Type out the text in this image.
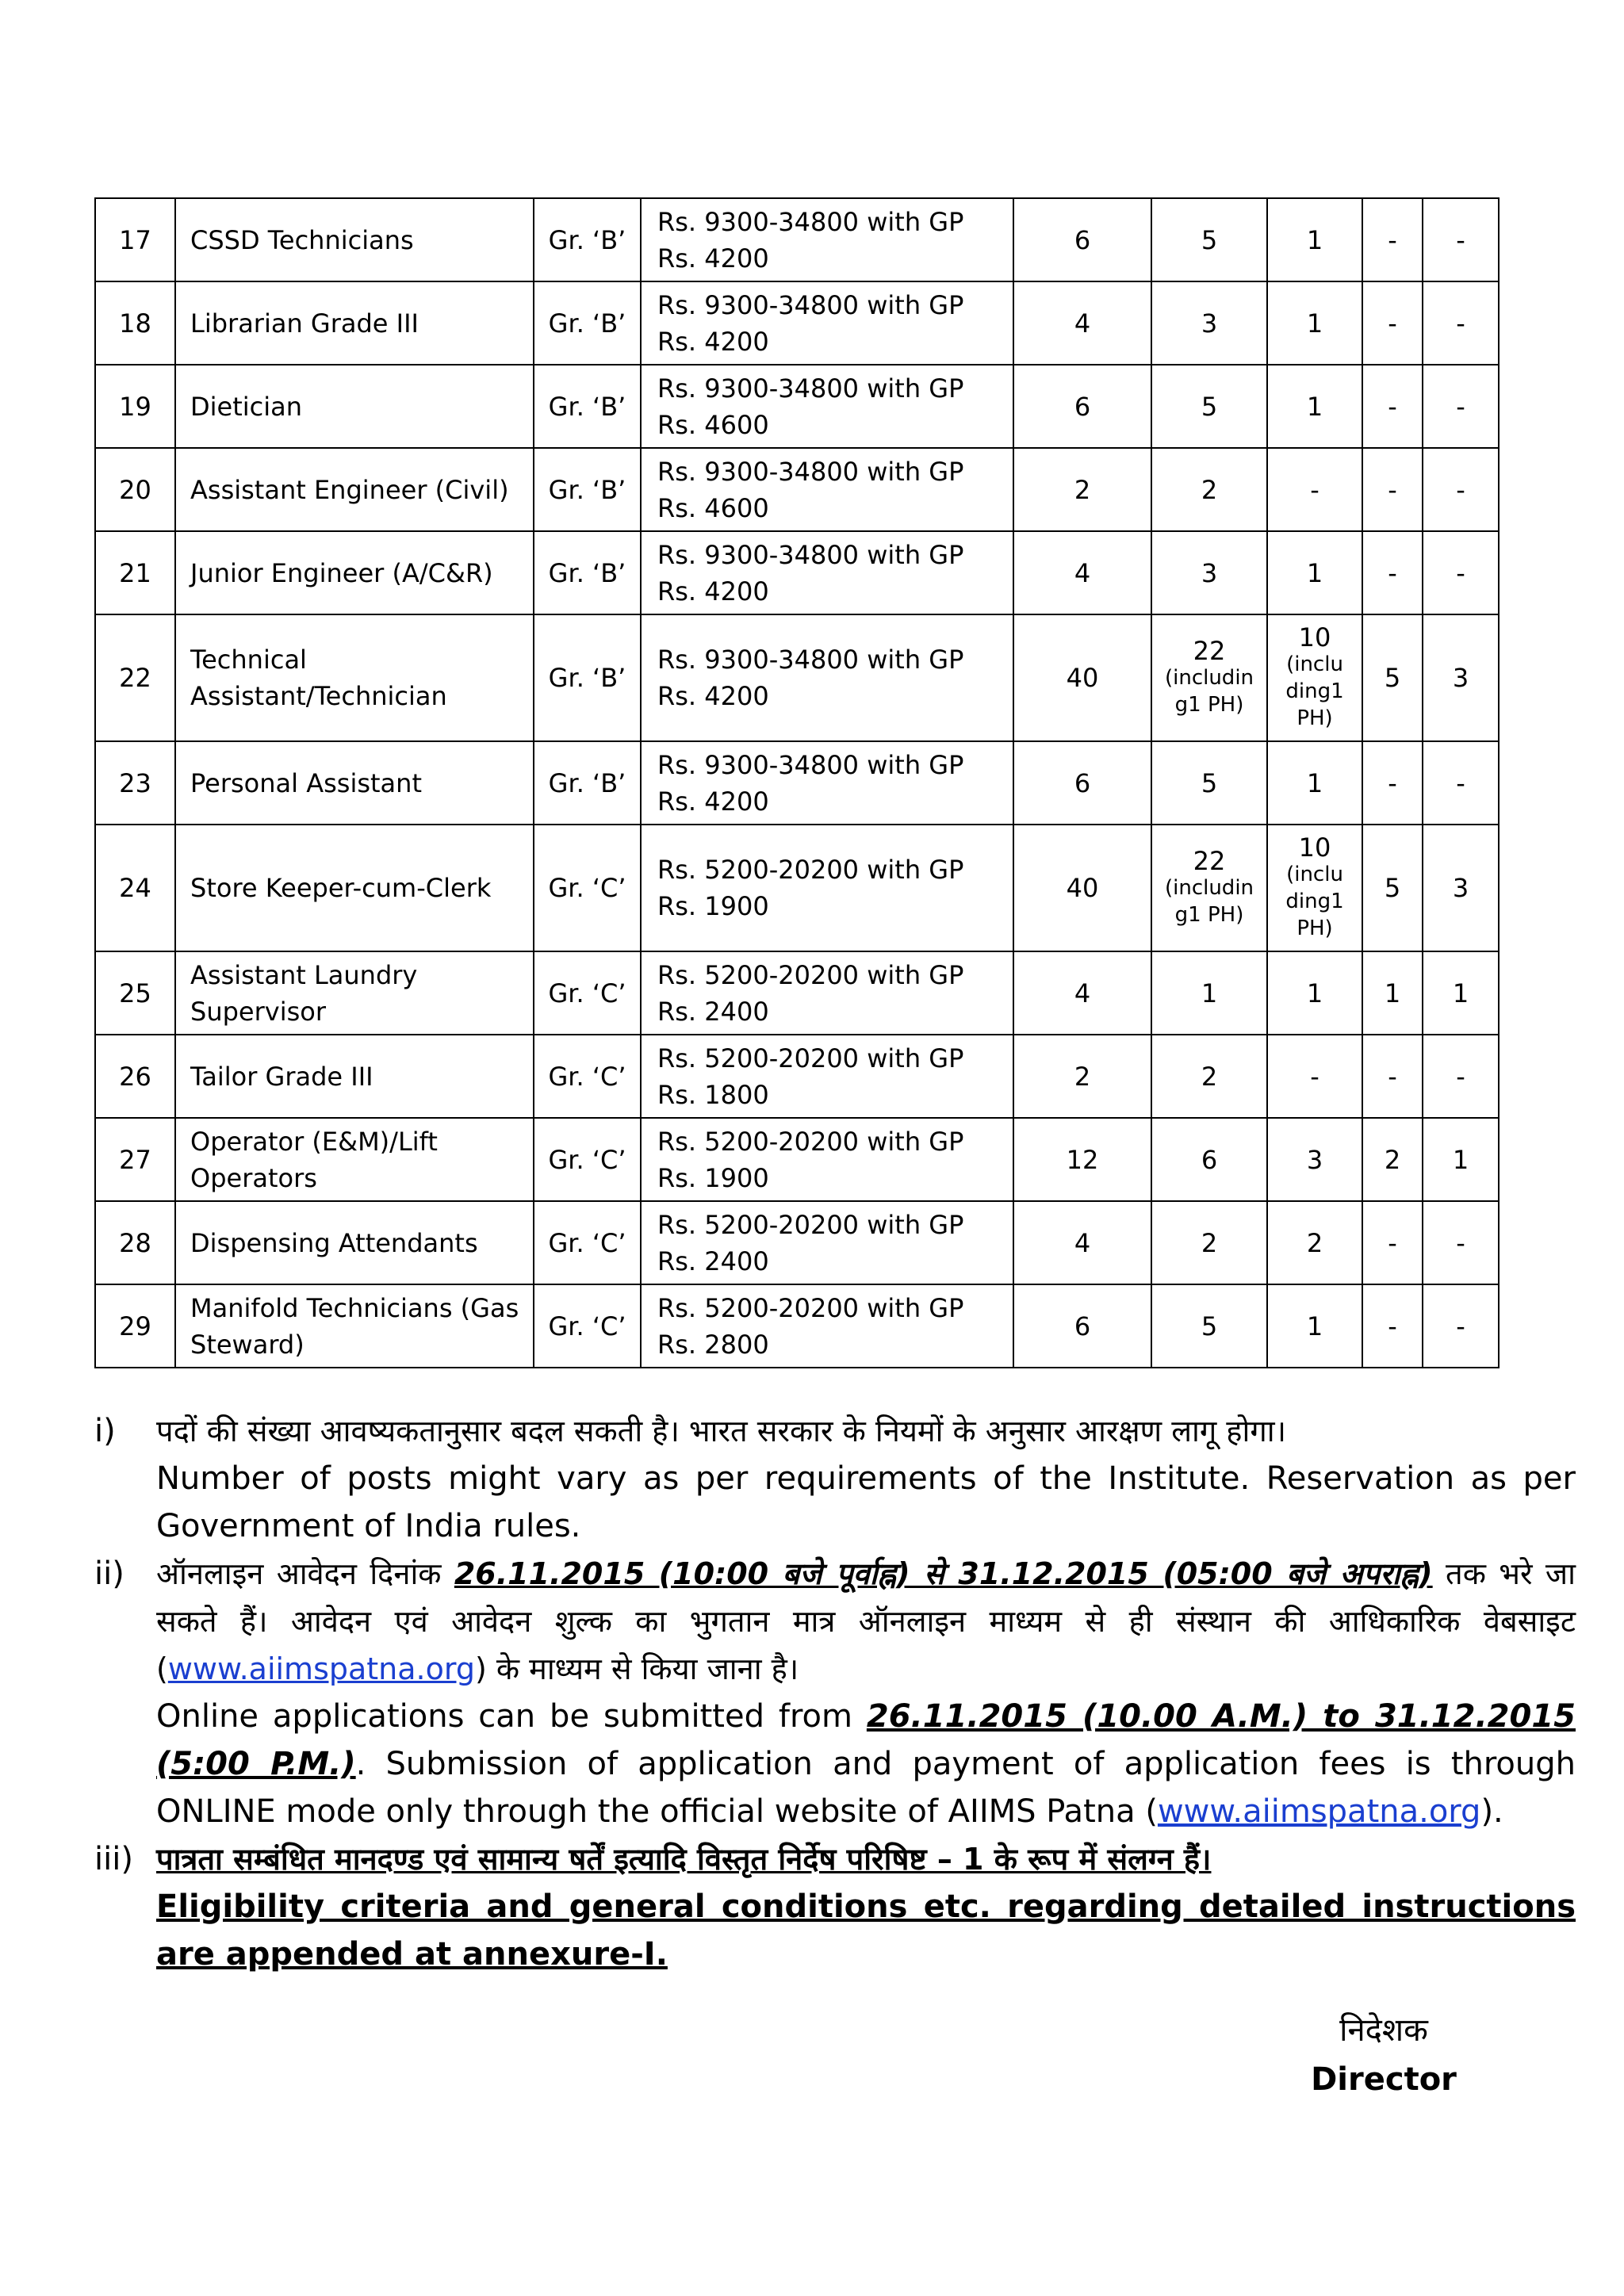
17	CSSD Technicians	Gr. ‘B’	Rs. 9300-34800 with GP
Rs. 4200	6	5	1	-	-
18	Librarian Grade III	Gr. ‘B’	Rs. 9300-34800 with GP
Rs. 4200	4	3	1	-	-
19	Dietician	Gr. ‘B’	Rs. 9300-34800 with GP
Rs. 4600	6	5	1	-	-
20	Assistant Engineer (Civil)	Gr. ‘B’	Rs. 9300-34800 with GP
Rs. 4600	2	2	-	-	-
21	Junior Engineer (A/C&R)	Gr. ‘B’	Rs. 9300-34800 with GP
Rs. 4200	4	3	1	-	-
22	Technical
Assistant/Technician	Gr. ‘B’	Rs. 9300-34800 with GP
Rs. 4200	40	22
(includin
g1 PH)	10
(inclu
ding1
PH)	5	3
23	Personal Assistant	Gr. ‘B’	Rs. 9300-34800 with GP
Rs. 4200	6	5	1	-	-
24	Store Keeper-cum-Clerk	Gr. ‘C’	Rs. 5200-20200 with GP
Rs. 1900	40	22
(includin
g1 PH)	10
(inclu
ding1
PH)	5	3
25	Assistant Laundry
Supervisor	Gr. ‘C’	Rs. 5200-20200 with GP
Rs. 2400	4	1	1	1	1
26	Tailor Grade III	Gr. ‘C’	Rs. 5200-20200 with GP
Rs. 1800	2	2	-	-	-
27	Operator (E&M)/Lift
Operators	Gr. ‘C’	Rs. 5200-20200 with GP
Rs. 1900	12	6	3	2	1
28	Dispensing Attendants	Gr. ‘C’	Rs. 5200-20200 with GP
Rs. 2400	4	2	2	-	-
29	Manifold Technicians (Gas
Steward)	Gr. ‘C’	Rs. 5200-20200 with GP
Rs. 2800	6	5	1	-	-
i) पदों की संख्या आवष्यकतानुसार बदल सकती है। भारत सरकार के नियमों के अनुसार आरक्षण लागू होगा।

Number of posts might vary as per requirements of the Institute. Reservation as per Government of India rules.

ii) ऑनलाइन आवेदन दिनांक 26.11.2015 (10:00 बजे पूर्वाह्न) से 31.12.2015 (05:00 बजे अपराह्न) तक भरे जा सकते हैं। आवेदन एवं आवेदन शुल्क का भुगतान मात्र ऑनलाइन माध्यम से ही संस्थान की आधिकारिक वेबसाइट (www.aiimspatna.org) के माध्यम से किया जाना है।

Online applications can be submitted from 26.11.2015 (10.00 A.M.) to 31.12.2015 (5:00 P.M.). Submission of application and payment of application fees is through ONLINE mode only through the official website of AIIMS Patna (www.aiimspatna.org).

iii) पात्रता सम्बंधित मानदण्ड एवं सामान्य षर्तें इत्यादि विस्तृत निर्देष परिषिष्ट – 1 के रूप में संलग्न हैं।

Eligibility criteria and general conditions etc. regarding detailed instructions are appended at annexure-I.

निदेशक
Director
